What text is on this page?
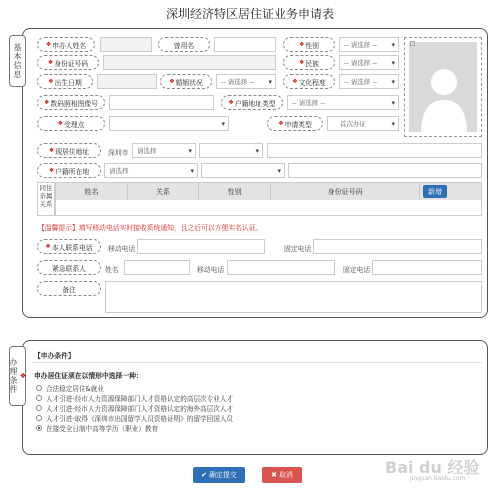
深圳经济特区居住证业务申请表
基本信息	❖ 申办人姓名	曾用名	❖ 性别	-- 请选择 --
▾
❖ 身份证号码	❖ 民族	-- 请选择 --
▾
❖ 出生日期	❖ 婚姻状况	-- 请选择 --
▾	❖ 文化程度	-- 请选择 --
▾
❖ 数码照相图像号	❖ 户籍地址类型	-- 请选择 --
▾
❖ 受理点
▾	❖ 申请类型	首次办证
▾
❖ 现居住地址	深圳市 请选择
▾
▾
❖ 户籍所在地	请选择
▾
▾
同住亲属关系
姓名	关系	性别	身份证号码	新增
【温馨提示】填写移动电话实时接收系统通知，且之后可以方便实名认证。
❖ 本人联系电话 移动电话	固定电话
紧急联系人	姓名	移动电话	固定电话
备注
❖
办理条件
【申办条件】
申办居住证须在以情形中选择一种：
合法稳定居住&就业
人才引进-经市人力资源保障部门人才资格认定的高层次专业人才
人才引进-经市人力资源保障部门人才资格认定的海外高层次人才
人才引进-取得《深圳市出国留学人员资格证明》的留学回国人员
在接受全日制中高等学历（职业）教育
✔ 确定提交	✖ 取消	Bai du 经验
jingyan.baidu.com
